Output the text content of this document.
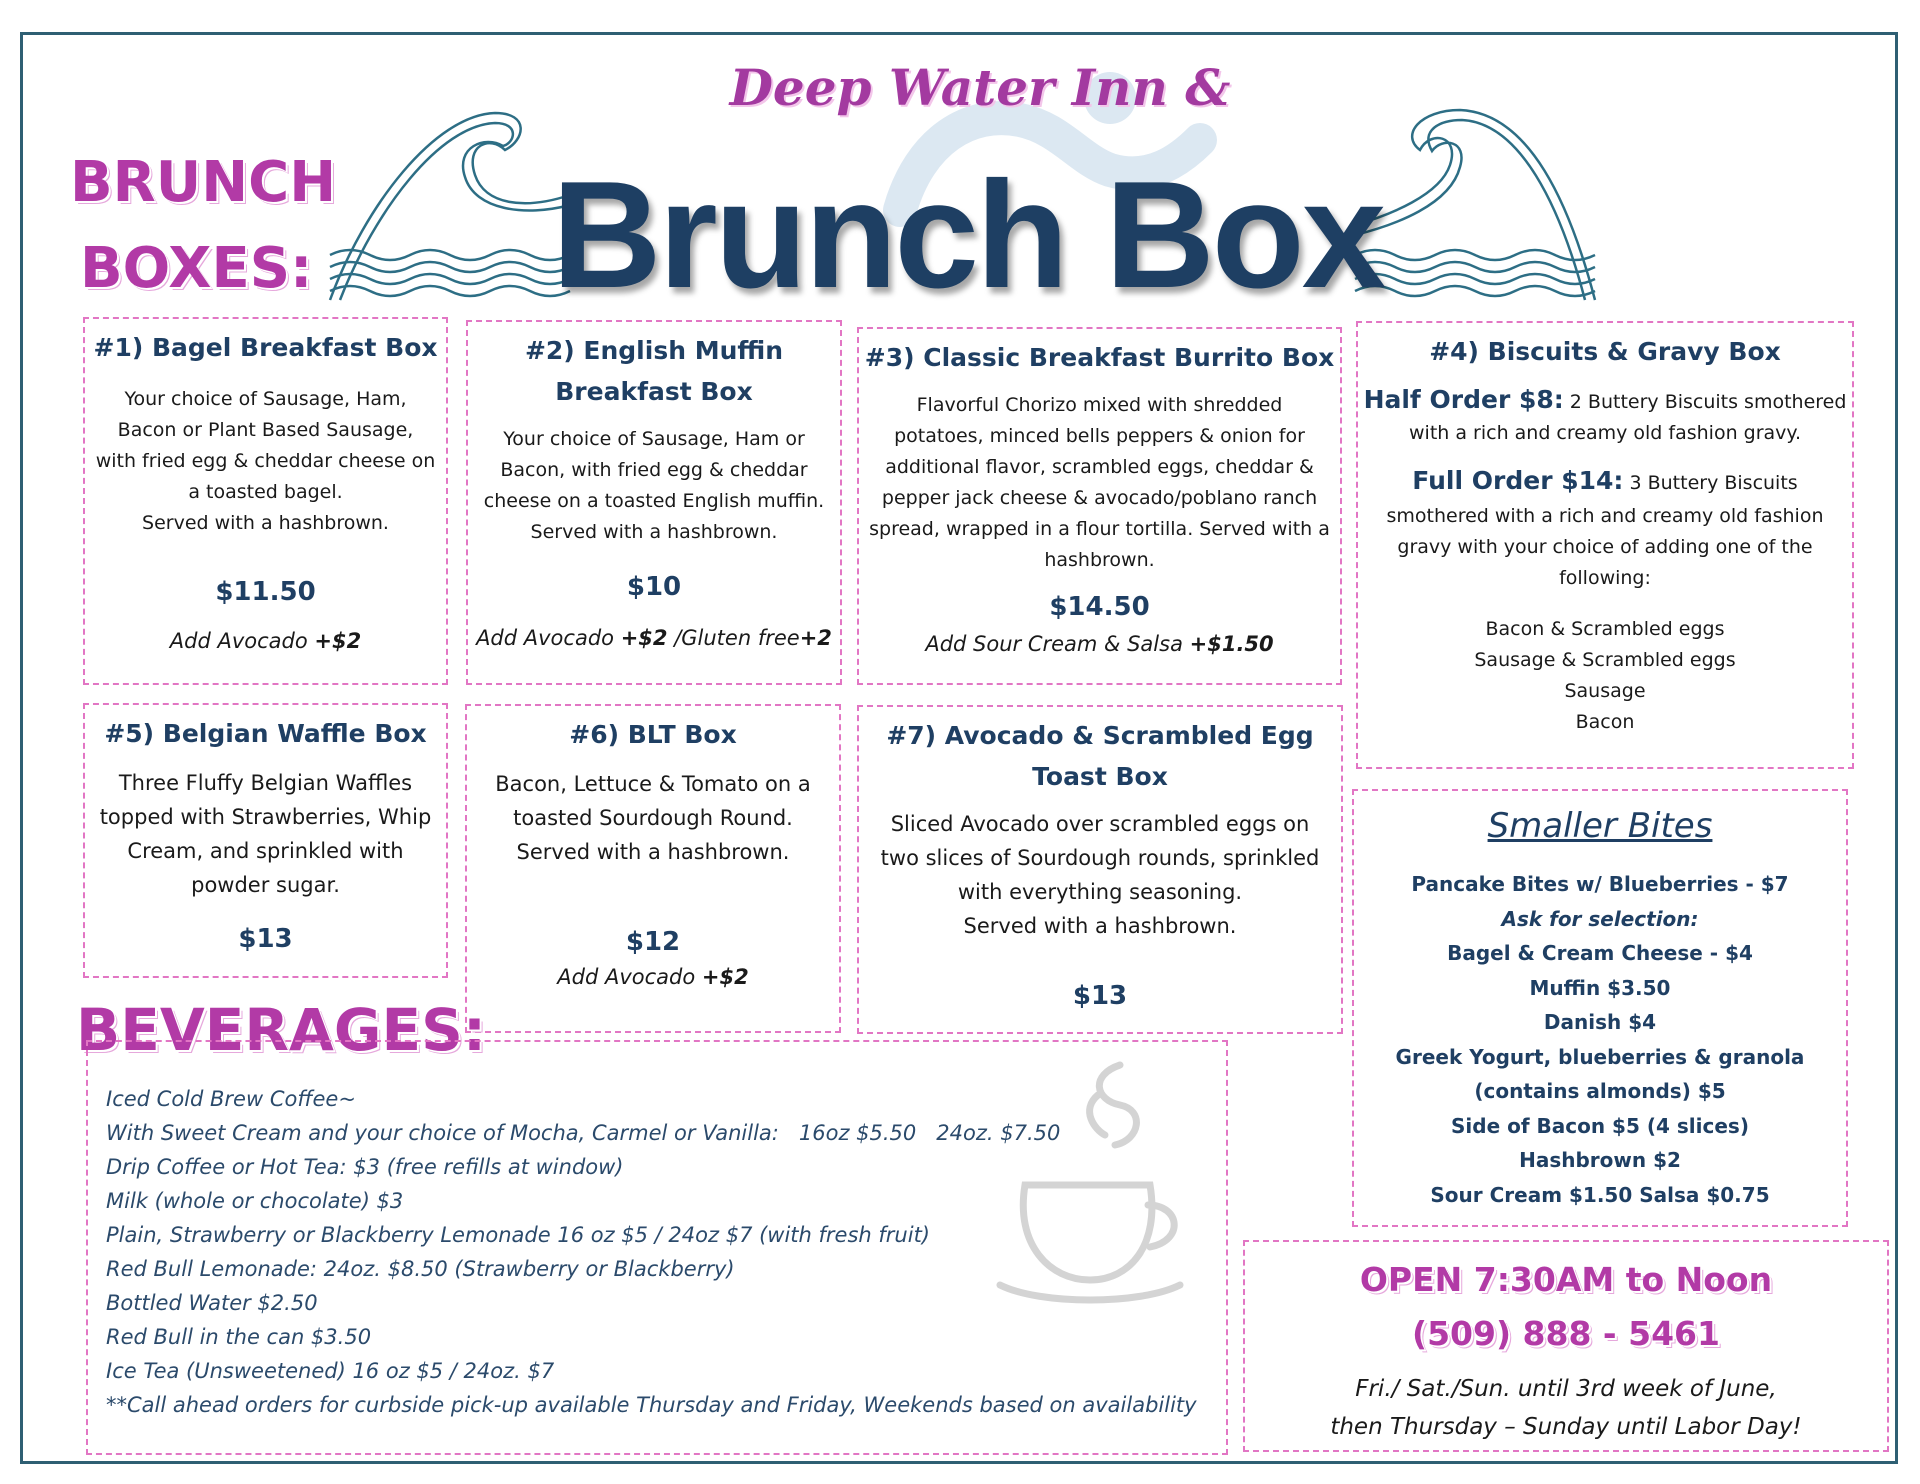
Deep Water Inn &
Brunch Box
BRUNCH
BOXES:
#1) Bagel Breakfast Box

Your choice of Sausage, Ham,

Bacon or Plant Based Sausage,

with fried egg & cheddar cheese on

a toasted bagel.

Served with a hashbrown.

$11.50
Add Avocado +$2
#2) English Muffin
Breakfast Box

Your choice of Sausage, Ham or

Bacon, with fried egg & cheddar

cheese on a toasted English muffin.

Served with a hashbrown.

$10
Add Avocado +$2 /Gluten free+2
#3) Classic Breakfast Burrito Box

Flavorful Chorizo mixed with shredded

potatoes, minced bells peppers & onion for

additional flavor, scrambled eggs, cheddar &

pepper jack cheese & avocado/poblano ranch

spread, wrapped in a flour tortilla. Served with a

hashbrown.

$14.50
Add Sour Cream & Salsa +$1.50
#4) Biscuits & Gravy Box
Half Order $8: 2 Buttery Biscuits smothered
with a rich and creamy old fashion gravy.
Full Order $14: 3 Buttery Biscuits

smothered with a rich and creamy old fashion

gravy with your choice of adding one of the

following:

Bacon & Scrambled eggs

Sausage & Scrambled eggs

Sausage

Bacon

#5) Belgian Waffle Box

Three Fluffy Belgian Waffles

topped with Strawberries, Whip

Cream, and sprinkled with

powder sugar.

$13
#6) BLT Box

Bacon, Lettuce & Tomato on a

toasted Sourdough Round.

Served with a hashbrown.

$12
Add Avocado +$2
#7) Avocado & Scrambled Egg
Toast Box

Sliced Avocado over scrambled eggs on

two slices of Sourdough rounds, sprinkled

with everything seasoning.

Served with a hashbrown.

$13
Smaller Bites
Pancake Bites w/ Blueberries - $7
Ask for selection:
Bagel & Cream Cheese - $4
Muffin $3.50
Danish $4
Greek Yogurt, blueberries & granola
(contains almonds) $5
Side of Bacon $5 (4 slices)
Hashbrown $2
Sour Cream $1.50 Salsa $0.75
BEVERAGES:
Iced Cold Brew Coffee~
With Sweet Cream and your choice of Mocha, Carmel or Vanilla:   16oz $5.50   24oz. $7.50
Drip Coffee or Hot Tea: $3 (free refills at window)
Milk (whole or chocolate) $3
Plain, Strawberry or Blackberry Lemonade 16 oz $5 / 24oz $7 (with fresh fruit)
Red Bull Lemonade: 24oz. $8.50 (Strawberry or Blackberry)
Bottled Water $2.50
Red Bull in the can $3.50
Ice Tea (Unsweetened) 16 oz $5 / 24oz. $7
**Call ahead orders for curbside pick-up available Thursday and Friday, Weekends based on availability
OPEN 7:30AM to Noon
(509) 888 - 5461
Fri./ Sat./Sun. until 3rd week of June,
then Thursday – Sunday until Labor Day!
